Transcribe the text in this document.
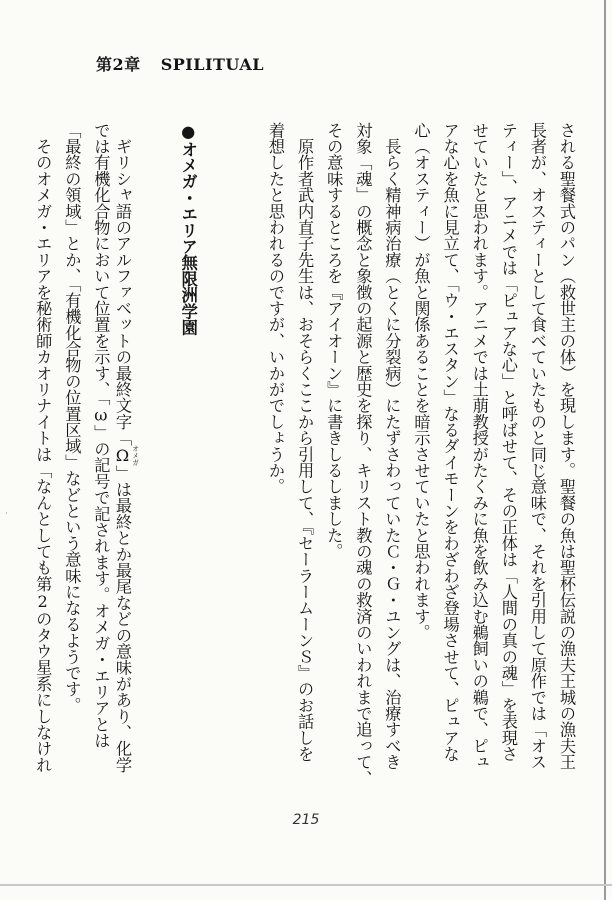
第2章 SPILITUAL
される聖餐式のパン（救世主の体）を現します。聖餐の魚は聖杯伝説の漁夫王城の漁夫王
長者が、オスティーとして食べていたものと同じ意味で、それを引用して原作では「オス
ティー」、アニメでは「ピュアな心」と呼ばせて、その正体は「人間の真の魂」を表現さ
せていたと思われます。アニメでは土萠教授がたくみに魚を飲み込む鵜飼いの鵜で、ピュ
アな心を魚に見立て、「ウ・エスタン」なるダイモーンをわざわざ登場させて、ピュアな
心（オスティー）が魚と関係あることを暗示させていたと思われます。
　長らく精神病治療（とくに分裂病）にたずさわっていたＣ・Ｇ・ユングは、治療すべき
対象「魂」の概念と象徴の起源と歴史を探り、キリスト教の魂の救済のいわれまで追って、
その意味するところを『アイオーン』に書きしるしました。
　原作者武内直子先生は、おそらくここから引用して、『セーラームーンＳ』のお話しを
着想したと思われるのですが、いかがでしょうか。
●オメガ・エリア無限洲学園
　ギリシャ語のアルファベットの最終文字「Ω オメガ」は最終とか最尾などの意味があり、化学
では有機化合物において位置を示す、「ω」の記号で記されます。オメガ・エリアとは
「最終の領域」とか、「有機化合物の位置区域」などという意味になるようです。
　そのオメガ・エリアを秘術師カオリナイトは「なんとしても第2のタウ星系にしなけれ
215
˙
